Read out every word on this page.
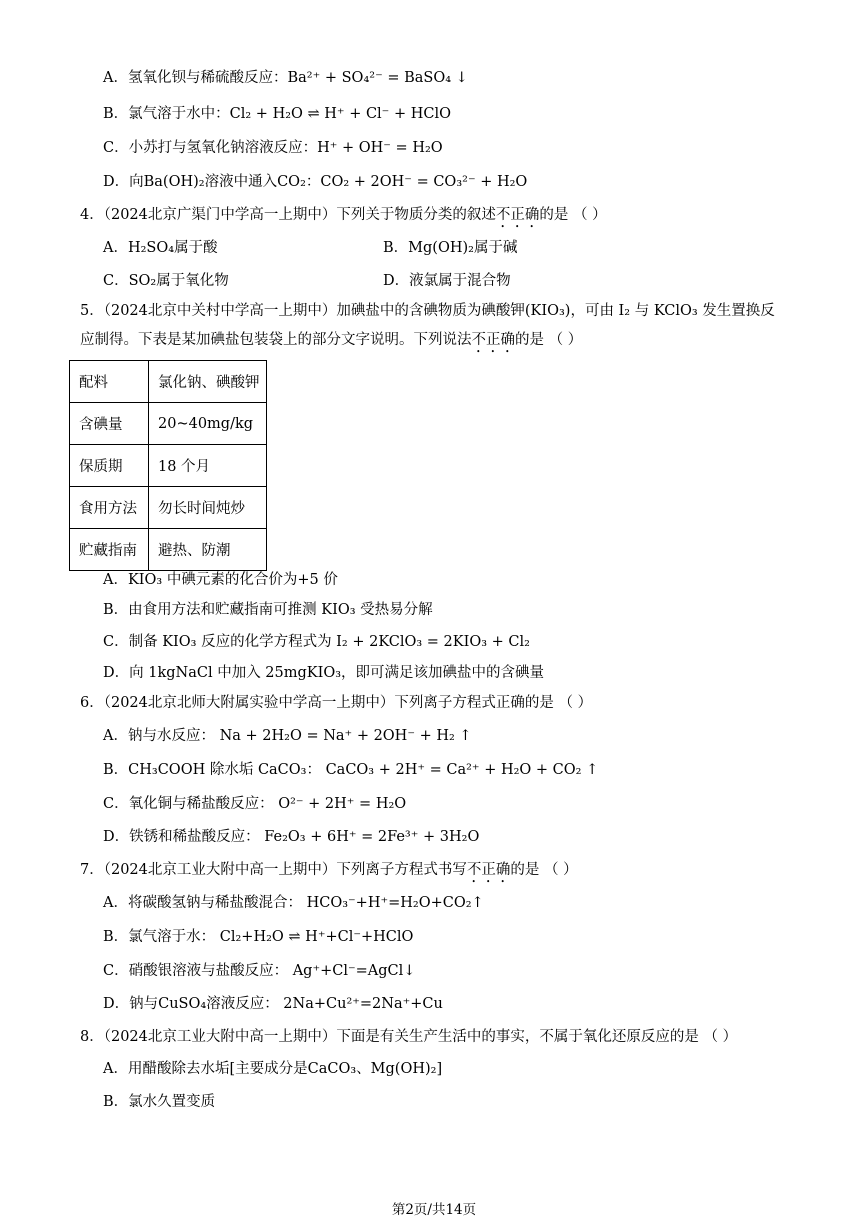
A．氢氧化钡与稀硫酸反应：Ba²⁺ + SO₄²⁻ = BaSO₄ ↓
B．氯气溶于水中：Cl₂ + H₂O ⇌ H⁺ + Cl⁻ + HClO
C．小苏打与氢氧化钠溶液反应：H⁺ + OH⁻ = H₂O
D．向Ba(OH)₂溶液中通入CO₂：CO₂ + 2OH⁻ = CO₃²⁻ + H₂O
4．（2024北京广渠门中学高一上期中）下列关于物质分类的叙述不正确的是 （ ）
A．H₂SO₄属于酸	B．Mg(OH)₂属于碱
C．SO₂属于氧化物	D．液氯属于混合物
5．（2024北京中关村中学高一上期中）加碘盐中的含碘物质为碘酸钾(KIO₃)，可由 I₂ 与 KClO₃ 发生置换反
应制得。下表是某加碘盐包装袋上的部分文字说明。下列说法不正确的是 （ ）
配料	氯化钠、碘酸钾
含碘量	20~40mg/kg
保质期	18 个月
食用方法	勿长时间炖炒
贮藏指南	避热、防潮
A．KIO₃ 中碘元素的化合价为+5 价
B．由食用方法和贮藏指南可推测 KIO₃ 受热易分解
C．制备 KIO₃ 反应的化学方程式为 I₂ + 2KClO₃ = 2KIO₃ + Cl₂
D．向 1kgNaCl 中加入 25mgKIO₃，即可满足该加碘盐中的含碘量
6．（2024北京北师大附属实验中学高一上期中）下列离子方程式正确的是 （ ）
A．钠与水反应： Na + 2H₂O = Na⁺ + 2OH⁻ + H₂ ↑
B．CH₃COOH 除水垢 CaCO₃： CaCO₃ + 2H⁺ = Ca²⁺ + H₂O + CO₂ ↑
C．氧化铜与稀盐酸反应： O²⁻ + 2H⁺ = H₂O
D．铁锈和稀盐酸反应： Fe₂O₃ + 6H⁺ = 2Fe³⁺ + 3H₂O
7．（2024北京工业大附中高一上期中）下列离子方程式书写不正确的是 （ ）
A．将碳酸氢钠与稀盐酸混合： HCO₃⁻+H⁺=H₂O+CO₂↑
B．氯气溶于水： Cl₂+H₂O ⇌ H⁺+Cl⁻+HClO
C．硝酸银溶液与盐酸反应： Ag⁺+Cl⁻=AgCl↓
D．钠与CuSO₄溶液反应： 2Na+Cu²⁺=2Na⁺+Cu
8．（2024北京工业大附中高一上期中）下面是有关生产生活中的事实，不属于氧化还原反应的是 （ ）
A．用醋酸除去水垢[主要成分是CaCO₃、Mg(OH)₂]
B．氯水久置变质
第2页/共14页
